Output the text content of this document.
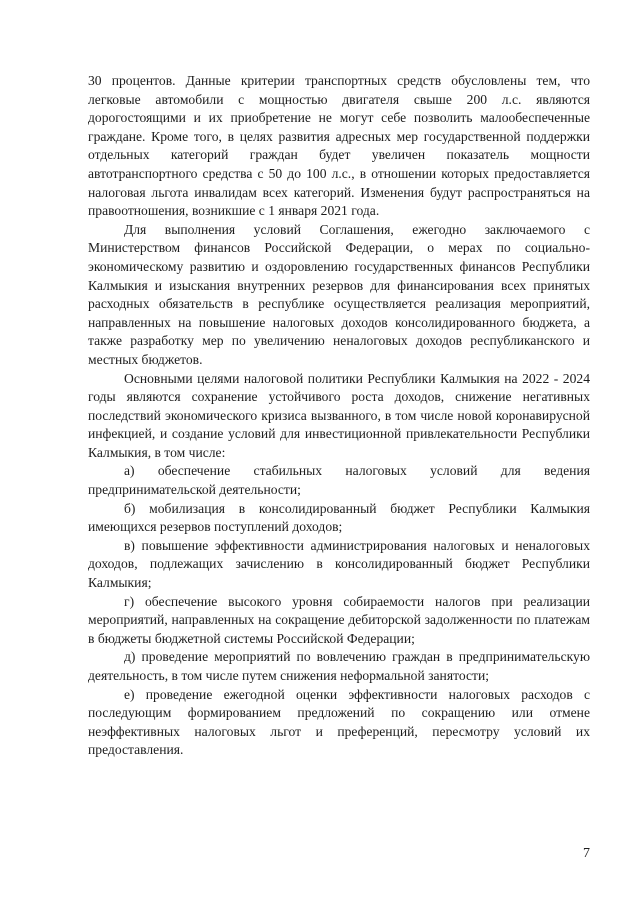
30 процентов. Данные критерии транспортных средств обусловлены тем, что легковые автомобили с мощностью двигателя свыше 200 л.с. являются дорогостоящими и их приобретение не могут себе позволить малообеспеченные граждане. Кроме того, в целях развития адресных мер государственной поддержки отдельных категорий граждан будет увеличен показатель мощности автотранспортного средства с 50 до 100 л.с., в отношении которых предоставляется налоговая льгота инвалидам всех категорий. Изменения будут распространяться на правоотношения, возникшие с 1 января 2021 года.

Для выполнения условий Соглашения, ежегодно заключаемого с Министерством финансов Российской Федерации, о мерах по социально-экономическому развитию и оздоровлению государственных финансов Республики Калмыкия и изыскания внутренних резервов для финансирования всех принятых расходных обязательств в республике осуществляется реализация мероприятий, направленных на повышение налоговых доходов консолидированного бюджета, а также разработку мер по увеличению неналоговых доходов республиканского и местных бюджетов.

Основными целями налоговой политики Республики Калмыкия на 2022 - 2024 годы являются сохранение устойчивого роста доходов, снижение негативных последствий экономического кризиса вызванного, в том числе новой коронавирусной инфекцией, и создание условий для инвестиционной привлекательности Республики Калмыкия, в том числе:

а) обеспечение стабильных налоговых условий для ведения предпринимательской деятельности;

б) мобилизация в консолидированный бюджет Республики Калмыкия имеющихся резервов поступлений доходов;

в) повышение эффективности администрирования налоговых и неналоговых доходов, подлежащих зачислению в консолидированный бюджет Республики Калмыкия;

г) обеспечение высокого уровня собираемости налогов при реализации мероприятий, направленных на сокращение дебиторской задолженности по платежам в бюджеты бюджетной системы Российской Федерации;

д) проведение мероприятий по вовлечению граждан в предпринимательскую деятельность, в том числе путем снижения неформальной занятости;

е) проведение ежегодной оценки эффективности налоговых расходов с последующим формированием предложений по сокращению или отмене неэффективных налоговых льгот и преференций, пересмотру условий их предоставления.

7
